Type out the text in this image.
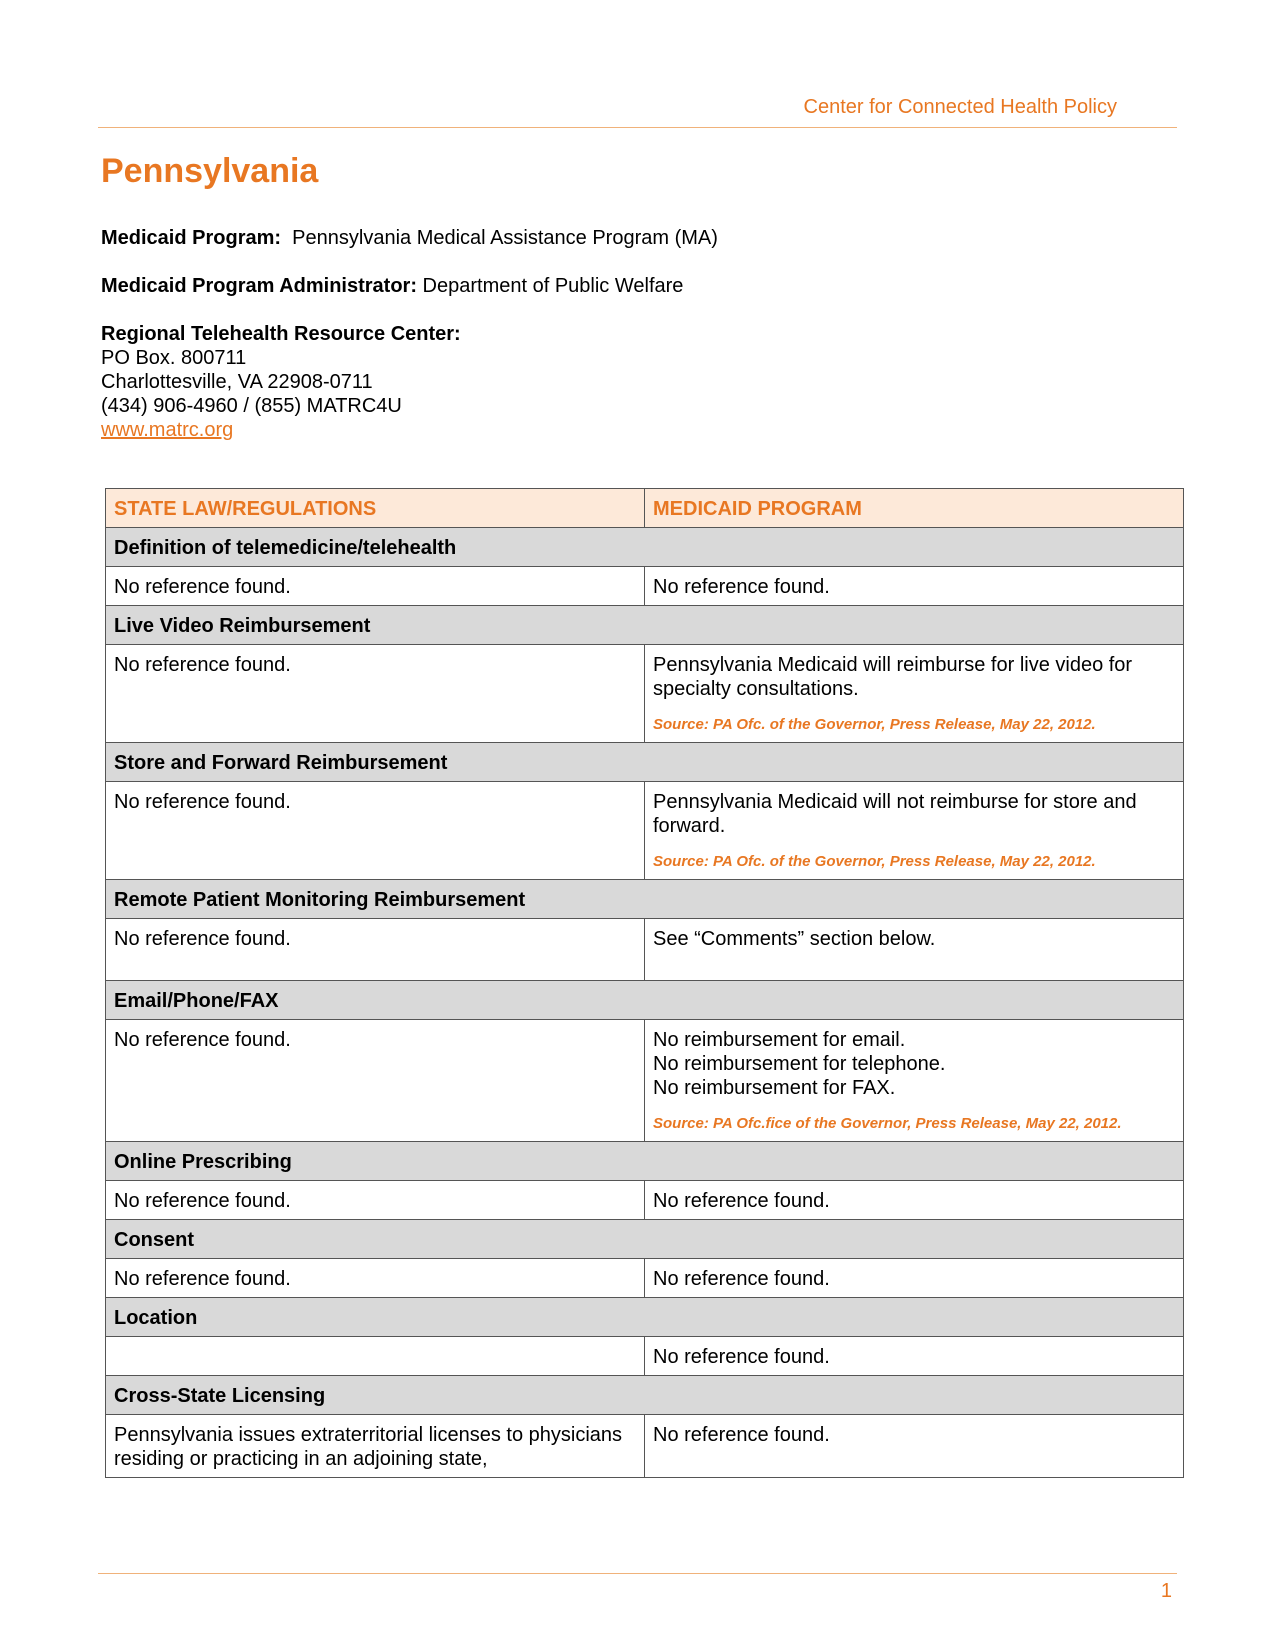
Center for Connected Health Policy
Pennsylvania
Medicaid Program: Pennsylvania Medical Assistance Program (MA)
Medicaid Program Administrator: Department of Public Welfare
Regional Telehealth Resource Center:
PO Box. 800711
Charlottesville, VA 22908-0711
(434) 906-4960 / (855) MATRC4U
www.matrc.org
STATE LAW/REGULATIONS	MEDICAID PROGRAM
Definition of telemedicine/telehealth	
No reference found.	No reference found.
Live Video Reimbursement	
No reference found.	Pennsylvania Medicaid will reimburse for live video for specialty consultations.
Source: PA Ofc. of the Governor, Press Release, May 22, 2012.

Store and Forward Reimbursement	
No reference found.	Pennsylvania Medicaid will not reimburse for store and forward.
Source: PA Ofc. of the Governor, Press Release, May 22, 2012.

Remote Patient Monitoring Reimbursement	
No reference found.	See “Comments” section below.
Email/Phone/FAX	
No reference found.	No reimbursement for email.
No reimbursement for telephone.
No reimbursement for FAX.
Source: PA Ofc.fice of the Governor, Press Release, May 22, 2012.

Online Prescribing	
No reference found.	No reference found.
Consent	
No reference found.	No reference found.
Location	
	No reference found.
Cross-State Licensing	
Pennsylvania issues extraterritorial licenses to physicians residing or practicing in an adjoining state,	No reference found.
1
